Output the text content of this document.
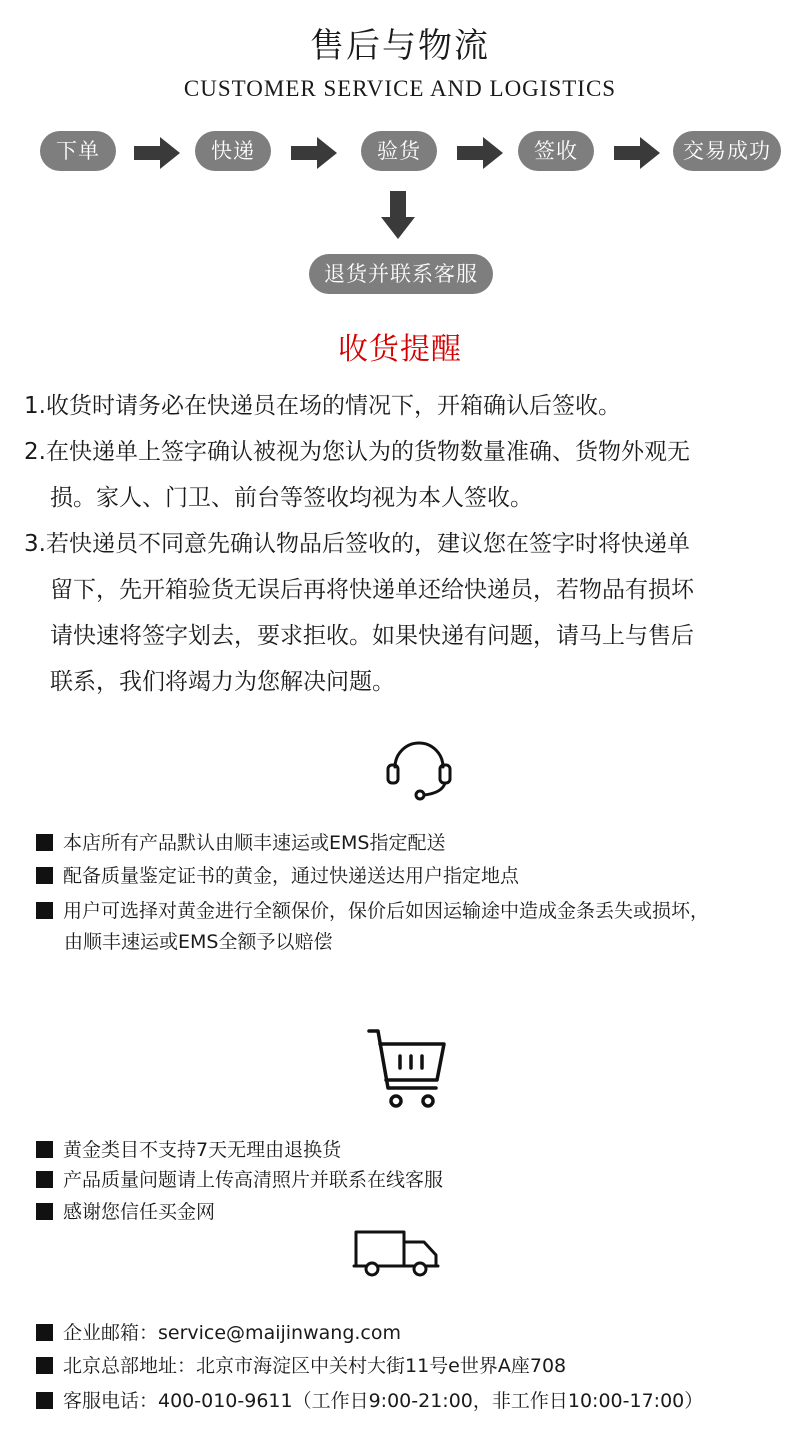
售后与物流
CUSTOMER SERVICE AND LOGISTICS
下单	快递	验货	签收	交易成功
退货并联系客服
收货提醒
1.收货时请务必在快递员在场的情况下，开箱确认后签收。
2.在快递单上签字确认被视为您认为的货物数量准确、货物外观无
损。家人、门卫、前台等签收均视为本人签收。
3.若快递员不同意先确认物品后签收的，建议您在签字时将快递单
留下，先开箱验货无误后再将快递单还给快递员，若物品有损坏
请快速将签字划去，要求拒收。如果快递有问题，请马上与售后
联系，我们将竭力为您解决问题。
本店所有产品默认由顺丰速运或EMS指定配送
配备质量鉴定证书的黄金，通过快递送达用户指定地点
用户可选择对黄金进行全额保价，保价后如因运输途中造成金条丢失或损坏，
由顺丰速运或EMS全额予以赔偿
黄金类目不支持7天无理由退换货
产品质量问题请上传高清照片并联系在线客服
感谢您信任买金网
企业邮箱：service@maijinwang.com
北京总部地址：北京市海淀区中关村大街11号e世界A座708
客服电话：400-010-9611（工作日9:00-21:00，非工作日10:00-17:00）
